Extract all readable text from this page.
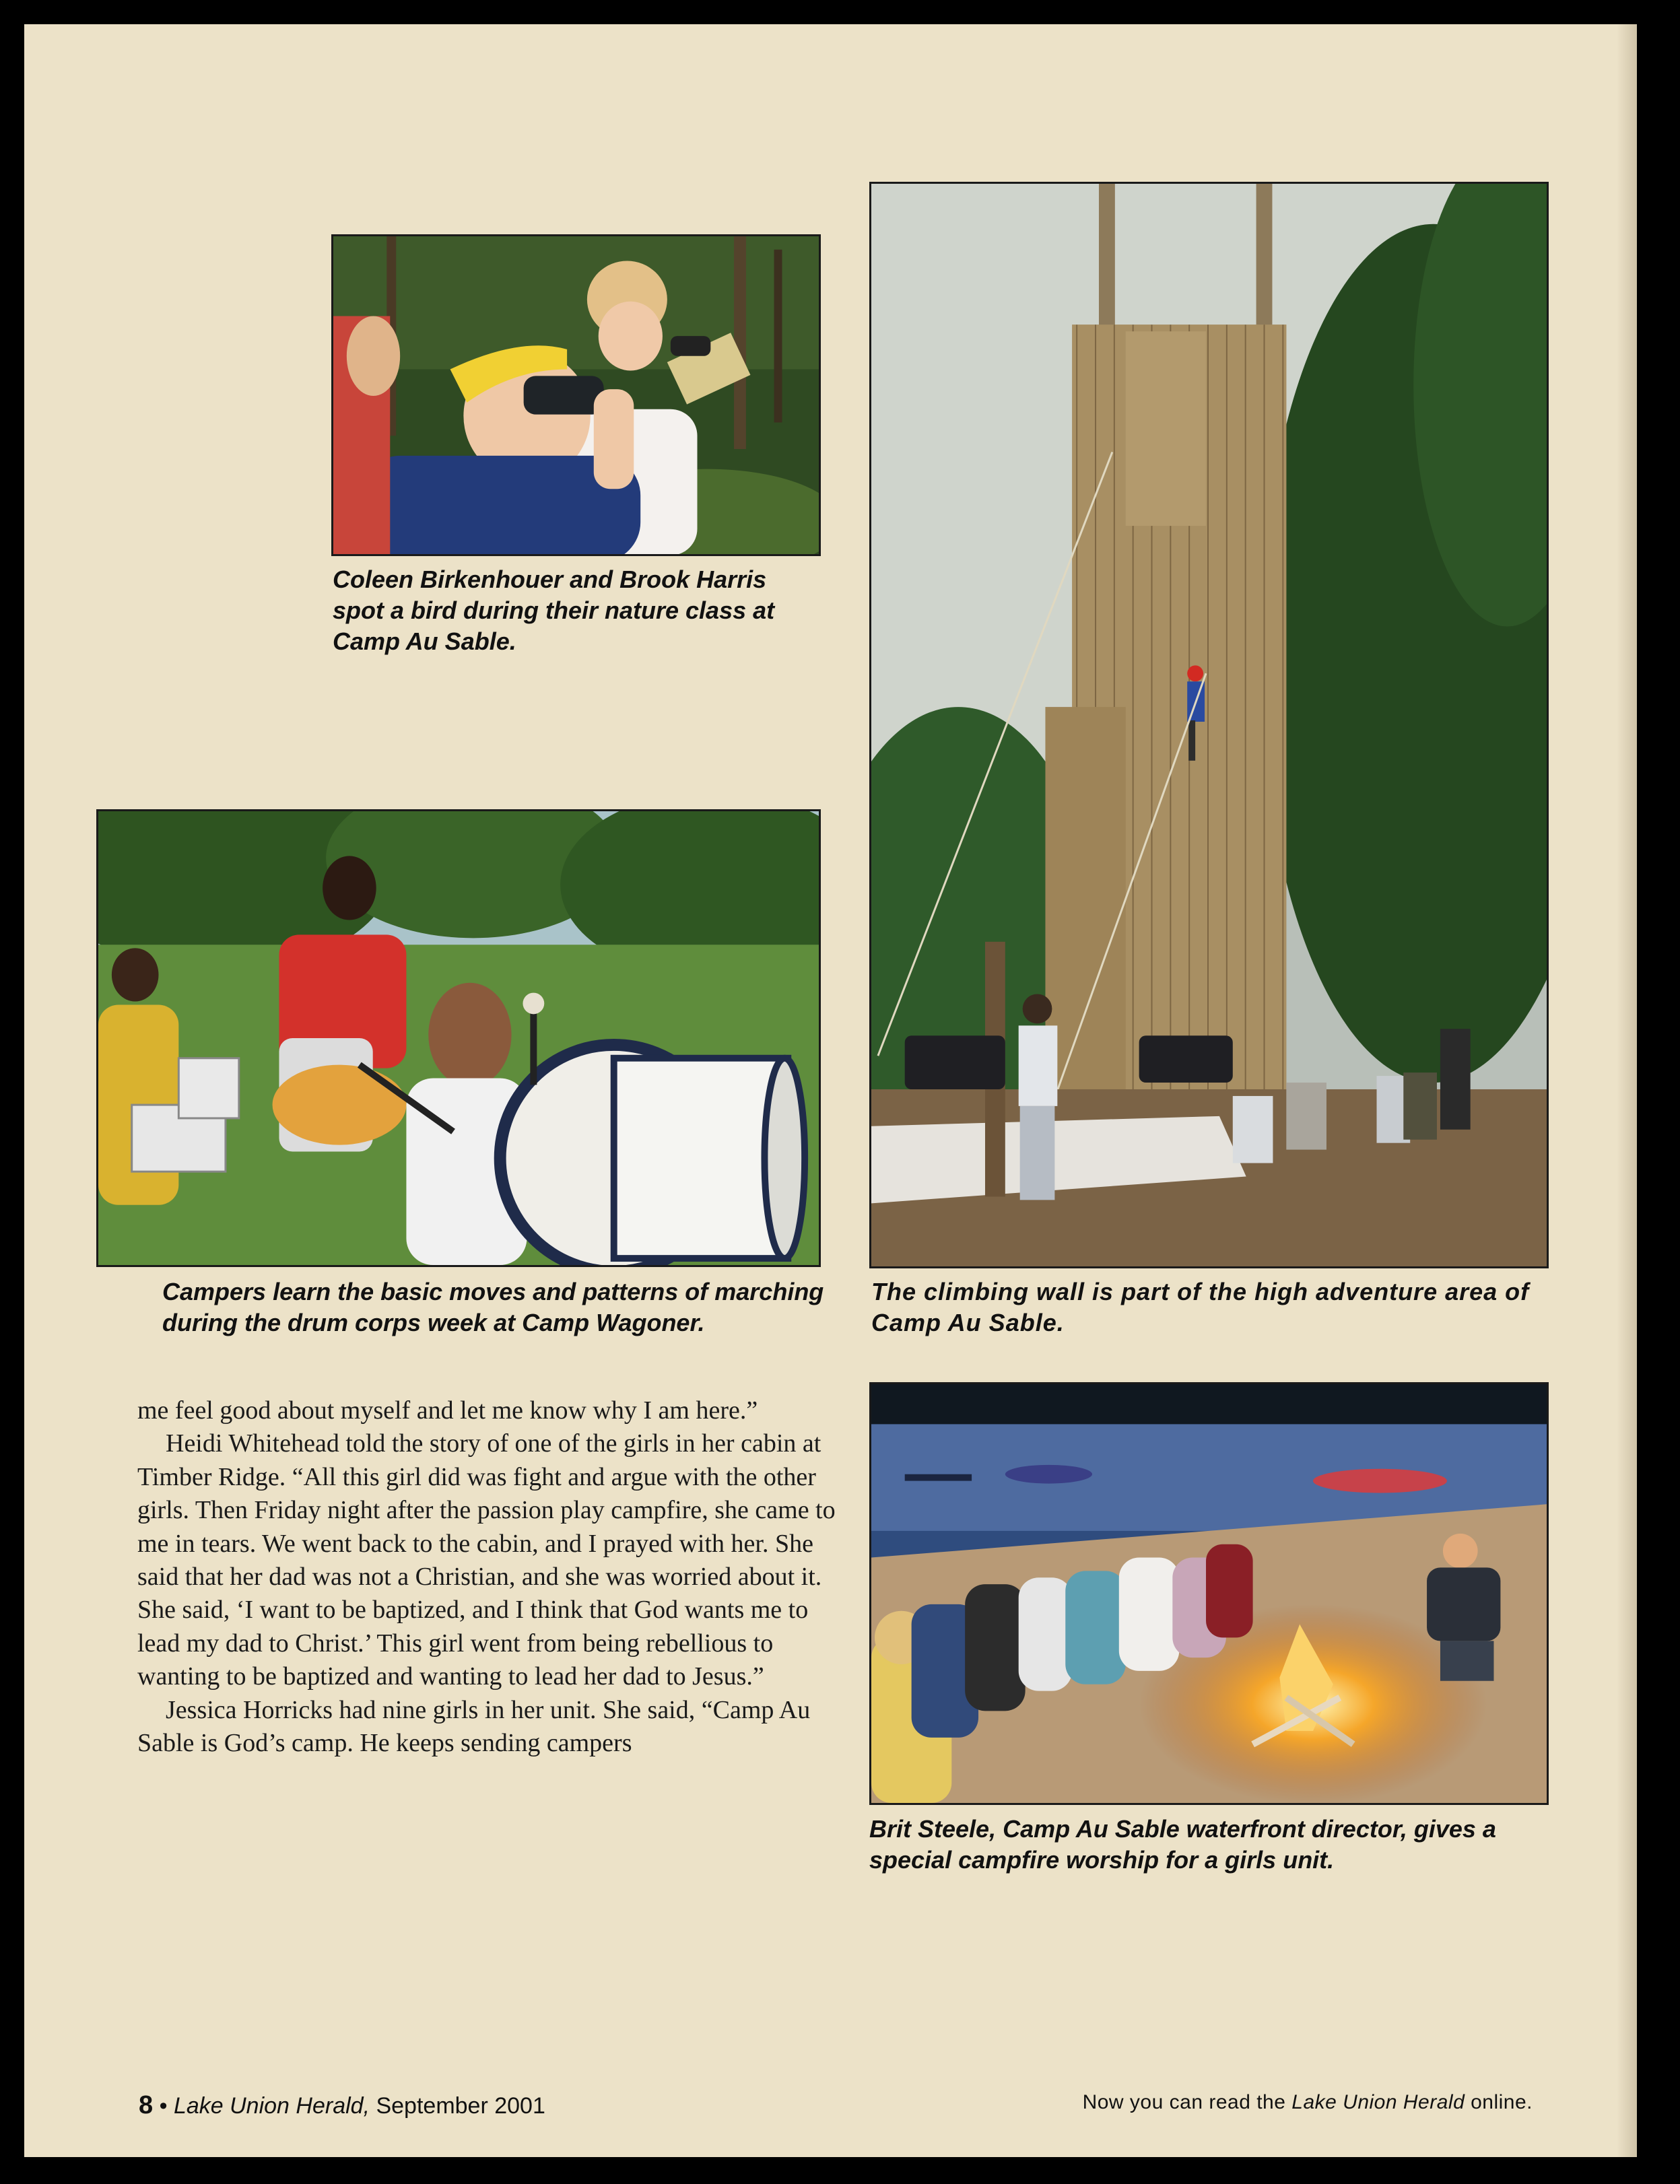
Coleen Birkenhouer and Brook Harris spot a bird during their nature class at Camp Au Sable.

Campers learn the basic moves and patterns of marching during the drum corps week at Camp Wagoner.

The climbing wall is part of the high adventure area of Camp Au Sable.

me feel good about myself and let me know why I am here.”

Heidi Whitehead told the story of one of the girls in her cabin at Timber Ridge. “All this girl did was fight and argue with the other girls. Then Friday night after the passion play campfire, she came to me in tears. We went back to the cabin, and I prayed with her. She said that her dad was not a Christian, and she was worried about it. She said, ‘I want to be baptized, and I think that God wants me to lead my dad to Christ.’ This girl went from being rebellious to wanting to be baptized and wanting to lead her dad to Jesus.”

Jessica Horricks had nine girls in her unit. She said, “Camp Au Sable is God’s camp. He keeps sending campers

Brit Steele, Camp Au Sable waterfront director, gives a special campfire worship for a girls unit.

8 • Lake Union Herald, September 2001	Now you can read the Lake Union Herald online.
